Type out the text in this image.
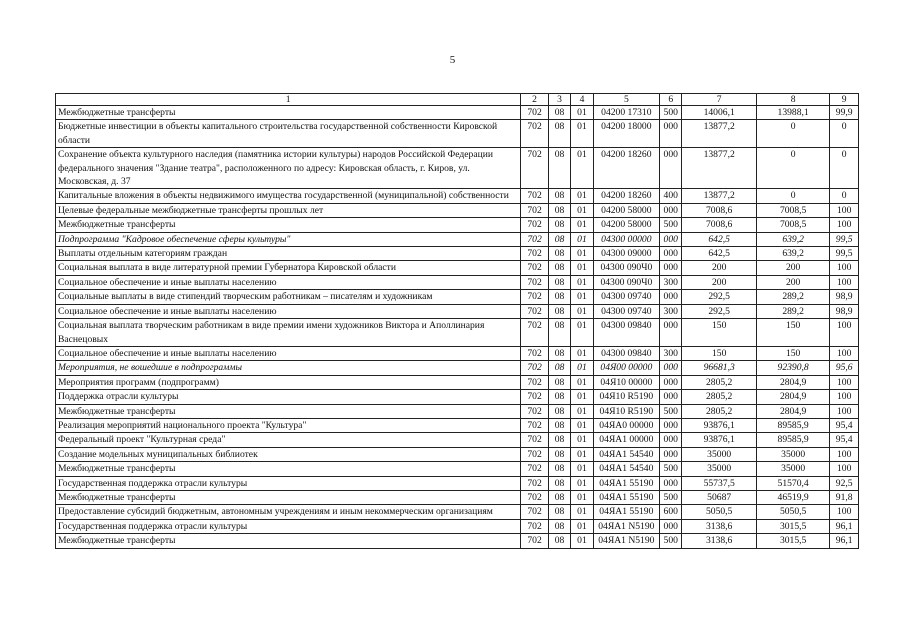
5
1	2	3	4	5	6	7	8	9
Межбюджетные трансферты	702	08	01	04200 17310	500	14006,1	13988,1	99,9
Бюджетные инвестиции в объекты капитального строительства государственной собственности Кировской области	702	08	01	04200 18000	000	13877,2	0	0
Сохранение объекта культурного наследия (памятника истории культуры) народов Российской Федерации федерального значения "Здание театра", расположенного по адресу: Кировская область, г. Киров, ул. Московская, д. 37	702	08	01	04200 18260	000	13877,2	0	0
Капитальные вложения в объекты недвижимого имущества государственной (муниципальной) собственности	702	08	01	04200 18260	400	13877,2	0	0
Целевые федеральные межбюджетные трансферты прошлых лет	702	08	01	04200 58000	000	7008,6	7008,5	100
Межбюджетные трансферты	702	08	01	04200 58000	500	7008,6	7008,5	100
Подпрограмма "Кадровое обеспечение сферы культуры"	702	08	01	04300 00000	000	642,5	639,2	99,5
Выплаты отдельным категориям граждан	702	08	01	04300 09000	000	642,5	639,2	99,5
Социальная выплата в виде литературной премии Губернатора Кировской области	702	08	01	04300 090Ч0	000	200	200	100
Социальное обеспечение и иные выплаты населению	702	08	01	04300 090Ч0	300	200	200	100
Социальные выплаты в виде стипендий творческим работникам – писателям и художникам	702	08	01	04300 09740	000	292,5	289,2	98,9
Социальное обеспечение и иные выплаты населению	702	08	01	04300 09740	300	292,5	289,2	98,9
Социальная выплата творческим работникам в виде премии имени художников Виктора и Аполлинария Васнецовых	702	08	01	04300 09840	000	150	150	100
Социальное обеспечение и иные выплаты населению	702	08	01	04300 09840	300	150	150	100
Мероприятия, не вошедшие в подпрограммы	702	08	01	04Я00 00000	000	96681,3	92390,8	95,6
Мероприятия программ (подпрограмм)	702	08	01	04Я10 00000	000	2805,2	2804,9	100
Поддержка отрасли культуры	702	08	01	04Я10 R5190	000	2805,2	2804,9	100
Межбюджетные трансферты	702	08	01	04Я10 R5190	500	2805,2	2804,9	100
Реализация мероприятий национального проекта "Культура"	702	08	01	04ЯА0 00000	000	93876,1	89585,9	95,4
Федеральный проект "Культурная среда"	702	08	01	04ЯА1 00000	000	93876,1	89585,9	95,4
Создание модельных муниципальных библиотек	702	08	01	04ЯА1 54540	000	35000	35000	100
Межбюджетные трансферты	702	08	01	04ЯА1 54540	500	35000	35000	100
Государственная поддержка отрасли культуры	702	08	01	04ЯА1 55190	000	55737,5	51570,4	92,5
Межбюджетные трансферты	702	08	01	04ЯА1 55190	500	50687	46519,9	91,8
Предоставление субсидий бюджетным, автономным учреждениям и иным некоммерческим организациям	702	08	01	04ЯА1 55190	600	5050,5	5050,5	100
Государственная поддержка отрасли культуры	702	08	01	04ЯА1 N5190	000	3138,6	3015,5	96,1
Межбюджетные трансферты	702	08	01	04ЯА1 N5190	500	3138,6	3015,5	96,1
